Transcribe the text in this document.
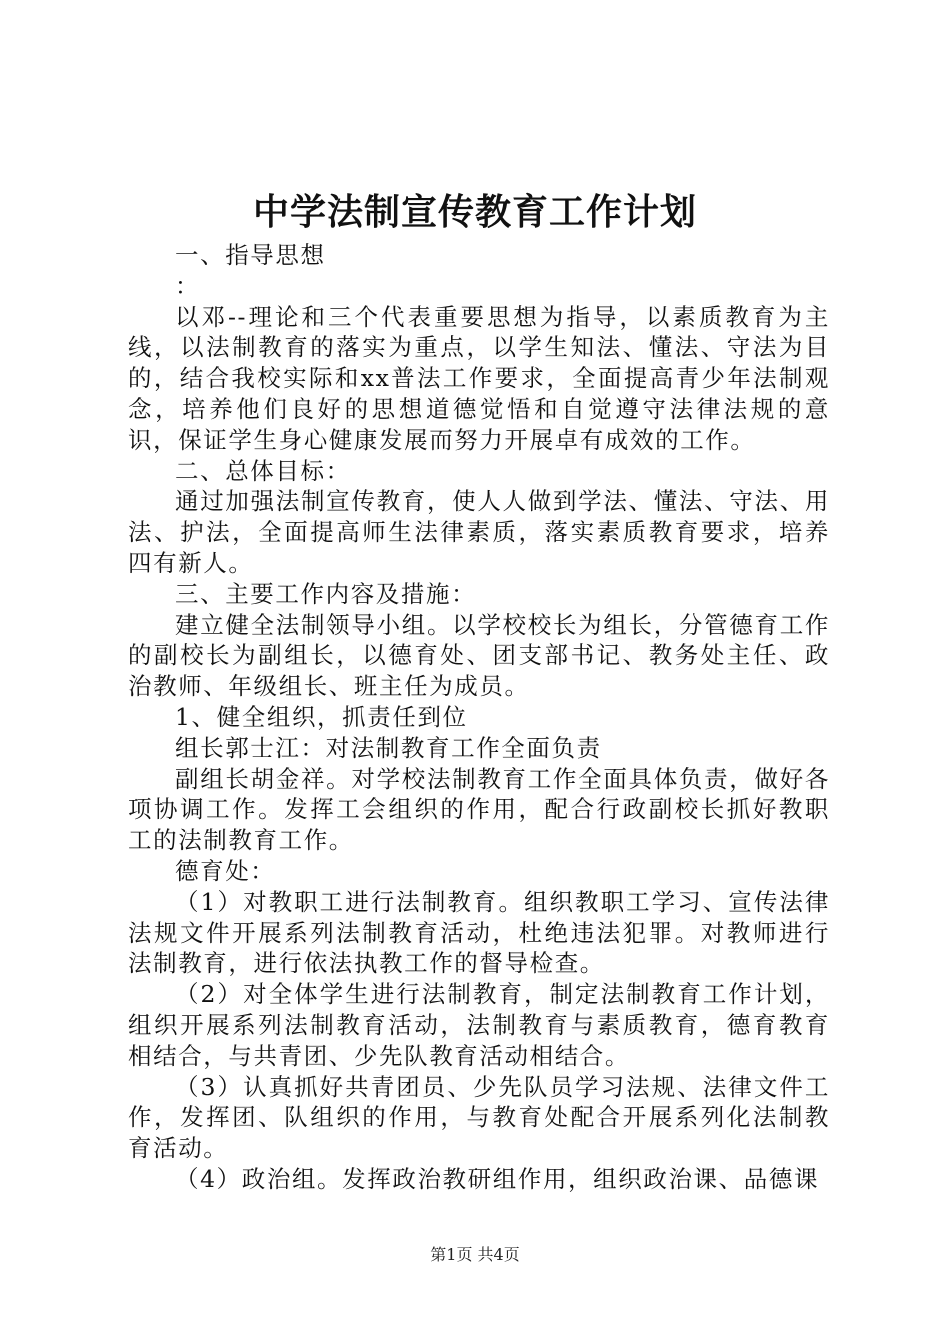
中学法制宣传教育工作计划

一、指导思想

：

以邓--理论和三个代表重要思想为指导，以素质教育为主线，以法制教育的落实为重点，以学生知法、懂法、守法为目的，结合我校实际和xx普法工作要求，全面提高青少年法制观念，培养他们良好的思想道德觉悟和自觉遵守法律法规的意识，保证学生身心健康发展而努力开展卓有成效的工作。

二、总体目标：

通过加强法制宣传教育，使人人做到学法、懂法、守法、用法、护法，全面提高师生法律素质，落实素质教育要求，培养四有新人。

三、主要工作内容及措施：

建立健全法制领导小组。以学校校长为组长，分管德育工作的副校长为副组长，以德育处、团支部书记、教务处主任、政治教师、年级组长、班主任为成员。

1、健全组织，抓责任到位

组长郭士江：对法制教育工作全面负责

副组长胡金祥。对学校法制教育工作全面具体负责，做好各项协调工作。发挥工会组织的作用，配合行政副校长抓好教职工的法制教育工作。

德育处：

（1）对教职工进行法制教育。组织教职工学习、宣传法律法规文件开展系列法制教育活动，杜绝违法犯罪。对教师进行法制教育，进行依法执教工作的督导检查。

（2）对全体学生进行法制教育，制定法制教育工作计划，组织开展系列法制教育活动，法制教育与素质教育，德育教育相结合，与共青团、少先队教育活动相结合。

（3）认真抓好共青团员、少先队员学习法规、法律文件工作，发挥团、队组织的作用，与教育处配合开展系列化法制教育活动。

（4）政治组。发挥政治教研组作用，组织政治课、品德课

第1页 共4页
